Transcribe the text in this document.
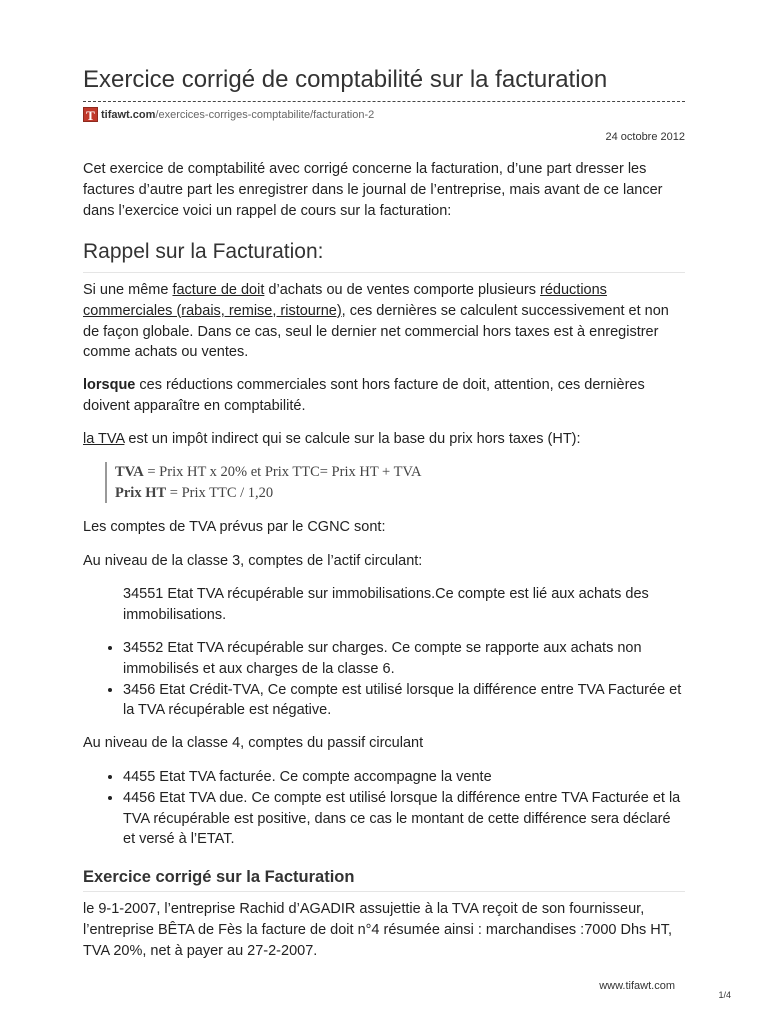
Exercice corrigé de comptabilité sur la facturation
T tifawt.com /exercices-corriges-comptabilite/facturation-2
24 octobre 2012

Cet exercice de comptabilité avec corrigé concerne la facturation, d’une part dresser les factures d’autre part les enregistrer dans le journal de l’entreprise, mais avant de ce lancer dans l’exercice voici un rappel de cours sur la facturation:

Rappel sur la Facturation:

Si une même facture de doit d’achats ou de ventes comporte plusieurs réductions commerciales (rabais, remise, ristourne), ces dernières se calculent successivement et non de façon globale. Dans ce cas, seul le dernier net commercial hors taxes est à enregistrer comme achats ou ventes.

lorsque ces réductions commerciales sont hors facture de doit, attention, ces dernières doivent apparaître en comptabilité.

la TVA est un impôt indirect qui se calcule sur la base du prix hors taxes (HT):

TVA = Prix HT x 20% et Prix TTC= Prix HT + TVA
Prix HT = Prix TTC / 1,20

Les comptes de TVA prévus par le CGNC sont:

Au niveau de la classe 3, comptes de l’actif circulant:

34551 Etat TVA récupérable sur immobilisations.Ce compte est lié aux achats des immobilisations.

• 34552 Etat TVA récupérable sur charges. Ce compte se rapporte aux achats non immobilisés et aux charges de la classe 6.
• 3456 Etat Crédit-TVA, Ce compte est utilisé lorsque la différence entre TVA Facturée et la TVA récupérable est négative.

Au niveau de la classe 4, comptes du passif circulant

• 4455 Etat TVA facturée. Ce compte accompagne la vente
• 4456 Etat TVA due. Ce compte est utilisé lorsque la différence entre TVA Facturée et la TVA récupérable est positive, dans ce cas le montant de cette différence sera déclaré et versé à l’ETAT.
Exercice corrigé sur la Facturation

le 9-1-2007, l’entreprise Rachid d’AGADIR assujettie à la TVA reçoit de son fournisseur, l’entreprise BÊTA de Fès la facture de doit n°4 résumée ainsi : marchandises :7000 Dhs HT, TVA 20%, net à payer au 27-2-2007.

www.tifawt.com
1/4
